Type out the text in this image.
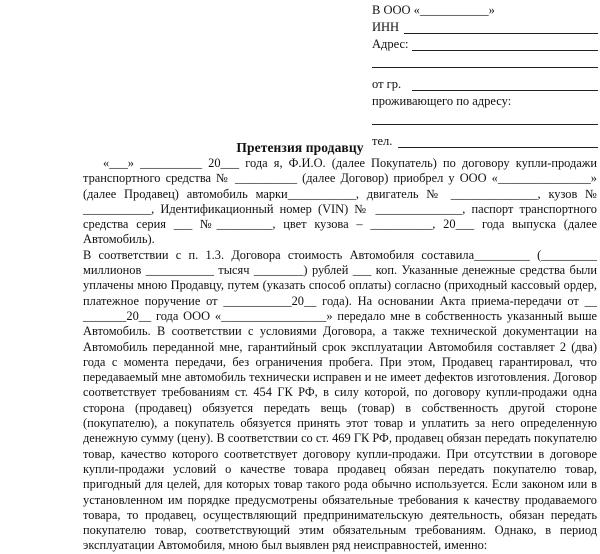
В ООО «___________»
ИНН
Адрес:
от гр.
проживающего по адресу:
тел.
Претензия продавцу

«___» __________ 20___ года я, Ф.И.О. (далее Покупатель) по договору купли-продажи транспортного средства № __________ (далее Договор) приобрел у ООО «_______________» (далее Продавец) автомобиль марки___________, двигатель № ______________, кузов № ___________, Идентификационный номер (VIN) № ______________, паспорт транспортного средства серия ___ №_________, цвет кузова – __________, 20___ года выпуска (далее Автомобиль).

В соответствии с п. 1.3. Договора стоимость Автомобиля составила_________ (_________ миллионов ___________ тысяч ________) рублей ___ коп. Указанные денежные средства были уплачены мною Продавцу, путем (указать способ оплаты) согласно (приходный кассовый ордер, платежное поручение от ___________20__ года). На основании Акта приема-передачи от __ _______20__ года ООО «_________________» передало мне в собственность указанный выше Автомобиль. В соответствии с условиями Договора, а также технической документации на Автомобиль переданной мне, гарантийный срок эксплуатации Автомобиля составляет 2 (два) года с момента передачи, без ограничения пробега. При этом, Продавец гарантировал, что передаваемый мне автомобиль технически исправен и не имеет дефектов изготовления. Договор соответствует требованиям ст. 454 ГК РФ, в силу которой, по договору купли-продажи одна сторона (продавец) обязуется передать вещь (товар) в собственность другой стороне (покупателю), а покупатель обязуется принять этот товар и уплатить за него определенную денежную сумму (цену). В соответствии со ст. 469 ГК РФ, продавец обязан передать покупателю товар, качество которого соответствует договору купли-продажи. При отсутствии в договоре купли-продажи условий о качестве товара продавец обязан передать покупателю товар, пригодный для целей, для которых товар такого рода обычно используется. Если законом или в установленном им порядке предусмотрены обязательные требования к качеству продаваемого товара, то продавец, осуществляющий предпринимательскую деятельность, обязан передать покупателю товар, соответствующий этим обязательным требованиям. Однако, в период эксплуатации Автомобиля, мною был выявлен ряд неисправностей, именно:
